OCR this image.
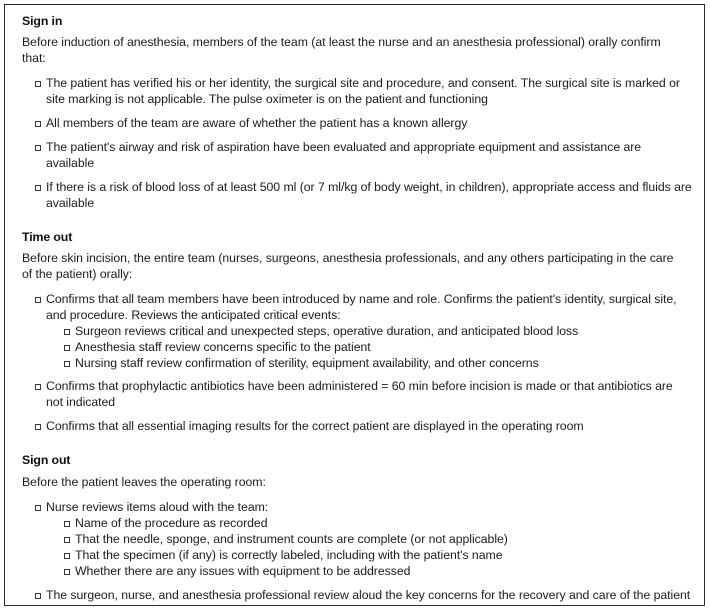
Sign in

Before induction of anesthesia, members of the team (at least the nurse and an anesthesia professional) orally confirm that:

The patient has verified his or her identity, the surgical site and procedure, and consent. The surgical site is marked or site marking is not applicable. The pulse oximeter is on the patient and functioning
All members of the team are aware of whether the patient has a known allergy
The patient's airway and risk of aspiration have been evaluated and appropriate equipment and assistance are available
If there is a risk of blood loss of at least 500 ml (or 7 ml/kg of body weight, in children), appropriate access and fluids are available
Time out

Before skin incision, the entire team (nurses, surgeons, anesthesia professionals, and any others participating in the care of the patient) orally:

Confirms that all team members have been introduced by name and role. Confirms the patient's identity, surgical site, and procedure. Reviews the anticipated critical events:
Surgeon reviews critical and unexpected steps, operative duration, and anticipated blood loss
Anesthesia staff review concerns specific to the patient
Nursing staff review confirmation of sterility, equipment availability, and other concerns
Confirms that prophylactic antibiotics have been administered = 60 min before incision is made or that antibiotics are not indicated
Confirms that all essential imaging results for the correct patient are displayed in the operating room
Sign out

Before the patient leaves the operating room:

Nurse reviews items aloud with the team:
Name of the procedure as recorded
That the needle, sponge, and instrument counts are complete (or not applicable)
That the specimen (if any) is correctly labeled, including with the patient's name
Whether there are any issues with equipment to be addressed
The surgeon, nurse, and anesthesia professional review aloud the key concerns for the recovery and care of the patient
